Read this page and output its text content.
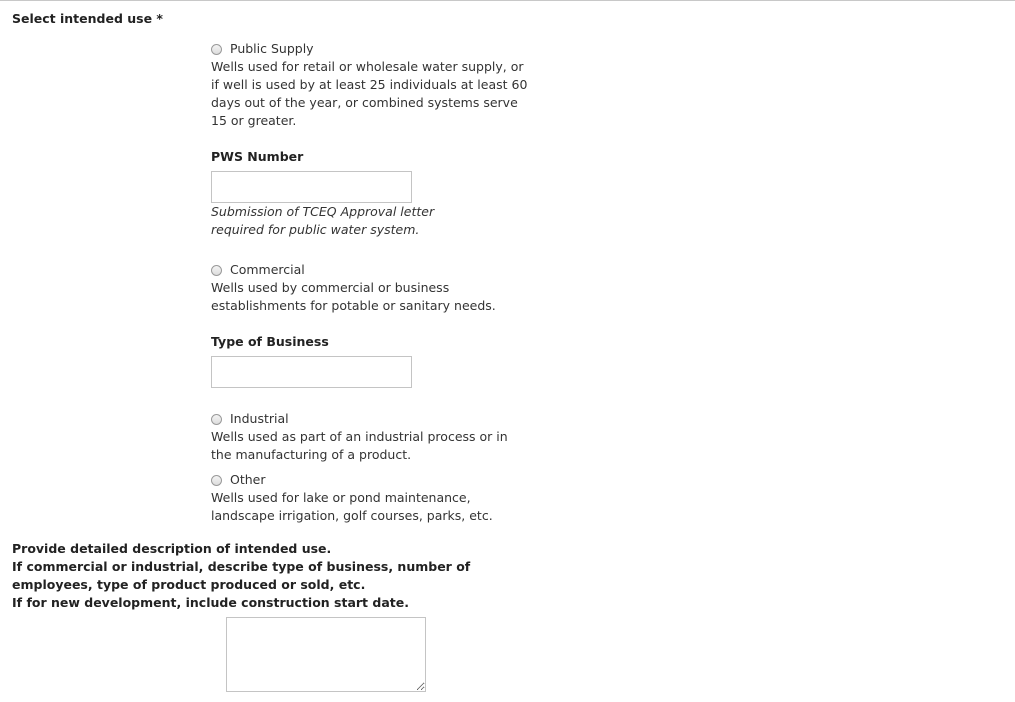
Select intended use *
Public Supply
Wells used for retail or wholesale water supply, or
if well is used by at least 25 individuals at least 60
days out of the year, or combined systems serve
15 or greater.
PWS Number
Submission of TCEQ Approval letter
required for public water system.
Commercial
Wells used by commercial or business
establishments for potable or sanitary needs.
Type of Business
Industrial
Wells used as part of an industrial process or in
the manufacturing of a product.
Other
Wells used for lake or pond maintenance,
landscape irrigation, golf courses, parks, etc.
Provide detailed description of intended use.
If commercial or industrial, describe type of business, number of
employees, type of product produced or sold, etc.
If for new development, include construction start date.
